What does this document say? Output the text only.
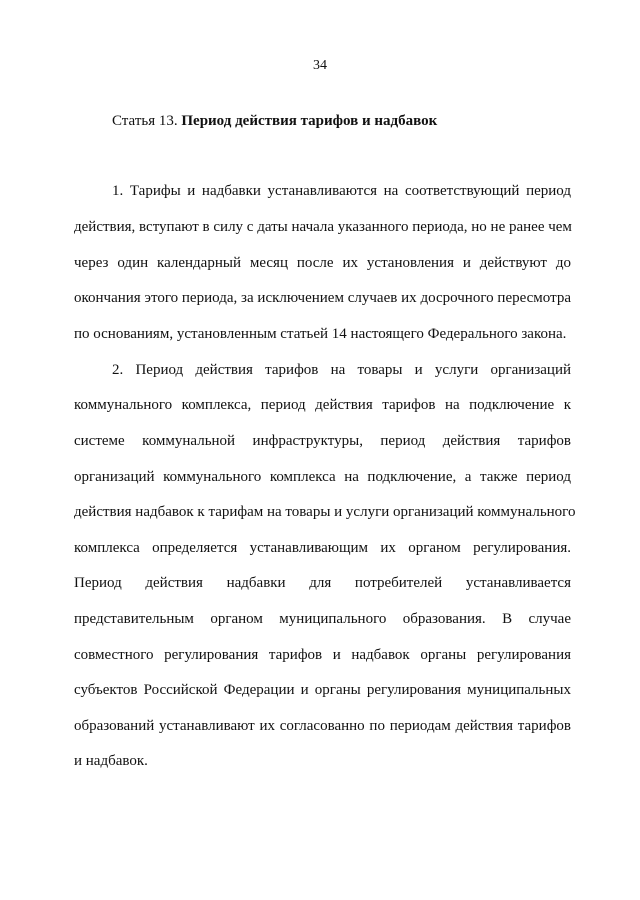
34
Статья 13. Период действия тарифов и надбавок
1. Тарифы и надбавки устанавливаются на соответствующий период
действия, вступают в силу с даты начала указанного периода, но не ранее чем
через один календарный месяц после их установления и действуют до
окончания этого периода, за исключением случаев их досрочного пересмотра
по основаниям, установленным статьей 14 настоящего Федерального закона.
2. Период действия тарифов на товары и услуги организаций
коммунального комплекса, период действия тарифов на подключение к
системе коммунальной инфраструктуры, период действия тарифов
организаций коммунального комплекса на подключение, а также период
действия надбавок к тарифам на товары и услуги организаций коммунального
комплекса определяется устанавливающим их органом регулирования.
Период действия надбавки для потребителей устанавливается
представительным органом муниципального образования. В случае
совместного регулирования тарифов и надбавок органы регулирования
субъектов Российской Федерации и органы регулирования муниципальных
образований устанавливают их согласованно по периодам действия тарифов
и надбавок.
